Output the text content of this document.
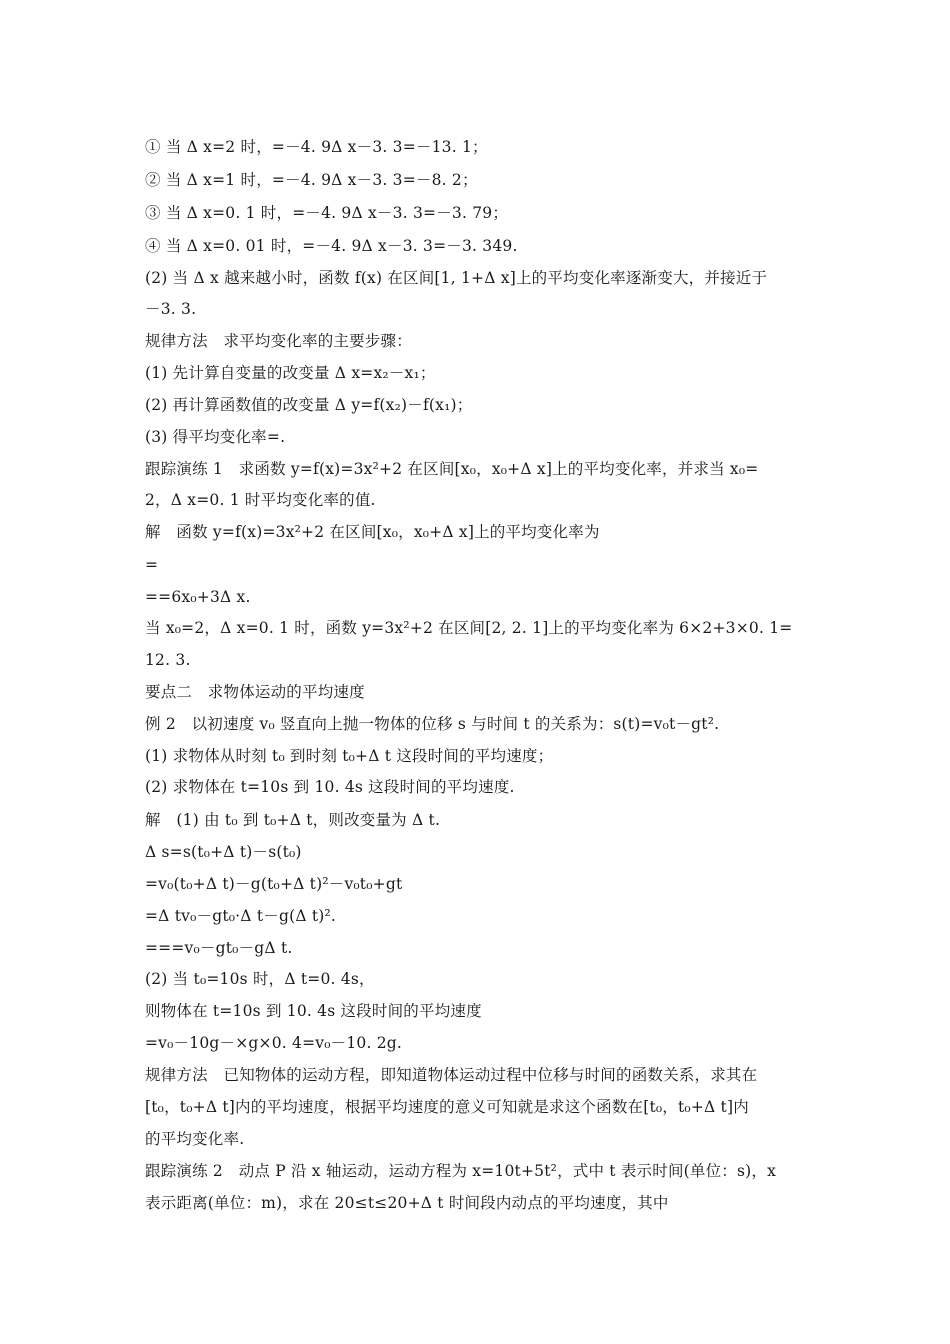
① 当 Δ x=2 时，=－4. 9Δ x－3. 3=－13. 1；
② 当 Δ x=1 时，=－4. 9Δ x－3. 3=－8. 2；
③ 当 Δ x=0. 1 时，=－4. 9Δ x－3. 3=－3. 79；
④ 当 Δ x=0. 01 时，=－4. 9Δ x－3. 3=－3. 349.
(2) 当 Δ x 越来越小时，函数 f(x) 在区间[1, 1+Δ x]上的平均变化率逐渐变大，并接近于
－3. 3.
规律方法　求平均变化率的主要步骤：
(1) 先计算自变量的改变量 Δ x=x₂－x₁；
(2) 再计算函数值的改变量 Δ y=f(x₂)－f(x₁)；
(3) 得平均变化率=.
跟踪演练 1　求函数 y=f(x)=3x²+2 在区间[x₀，x₀+Δ x]上的平均变化率，并求当 x₀=
2，Δ x=0. 1 时平均变化率的值.
解　函数 y=f(x)=3x²+2 在区间[x₀，x₀+Δ x]上的平均变化率为
=
==6x₀+3Δ x.
当 x₀=2，Δ x=0. 1 时，函数 y=3x²+2 在区间[2, 2. 1]上的平均变化率为 6×2+3×0. 1=
12. 3.
要点二　求物体运动的平均速度
例 2　以初速度 v₀ 竖直向上抛一物体的位移 s 与时间 t 的关系为：s(t)=v₀t－gt².
(1) 求物体从时刻 t₀ 到时刻 t₀+Δ t 这段时间的平均速度；
(2) 求物体在 t=10s 到 10. 4s 这段时间的平均速度.
解　(1) 由 t₀ 到 t₀+Δ t，则改变量为 Δ t.
Δ s=s(t₀+Δ t)－s(t₀)
=v₀(t₀+Δ t)－g(t₀+Δ t)²－v₀t₀+gt
=Δ tv₀－gt₀·Δ t－g(Δ t)².
===v₀－gt₀－gΔ t.
(2) 当 t₀=10s 时，Δ t=0. 4s，
则物体在 t=10s 到 10. 4s 这段时间的平均速度
=v₀－10g－×g×0. 4=v₀－10. 2g.
规律方法　已知物体的运动方程，即知道物体运动过程中位移与时间的函数关系，求其在
[t₀，t₀+Δ t]内的平均速度，根据平均速度的意义可知就是求这个函数在[t₀，t₀+Δ t]内
的平均变化率.
跟踪演练 2　动点 P 沿 x 轴运动，运动方程为 x=10t+5t²，式中 t 表示时间(单位：s)，x
表示距离(单位：m)，求在 20≤t≤20+Δ t 时间段内动点的平均速度，其中
